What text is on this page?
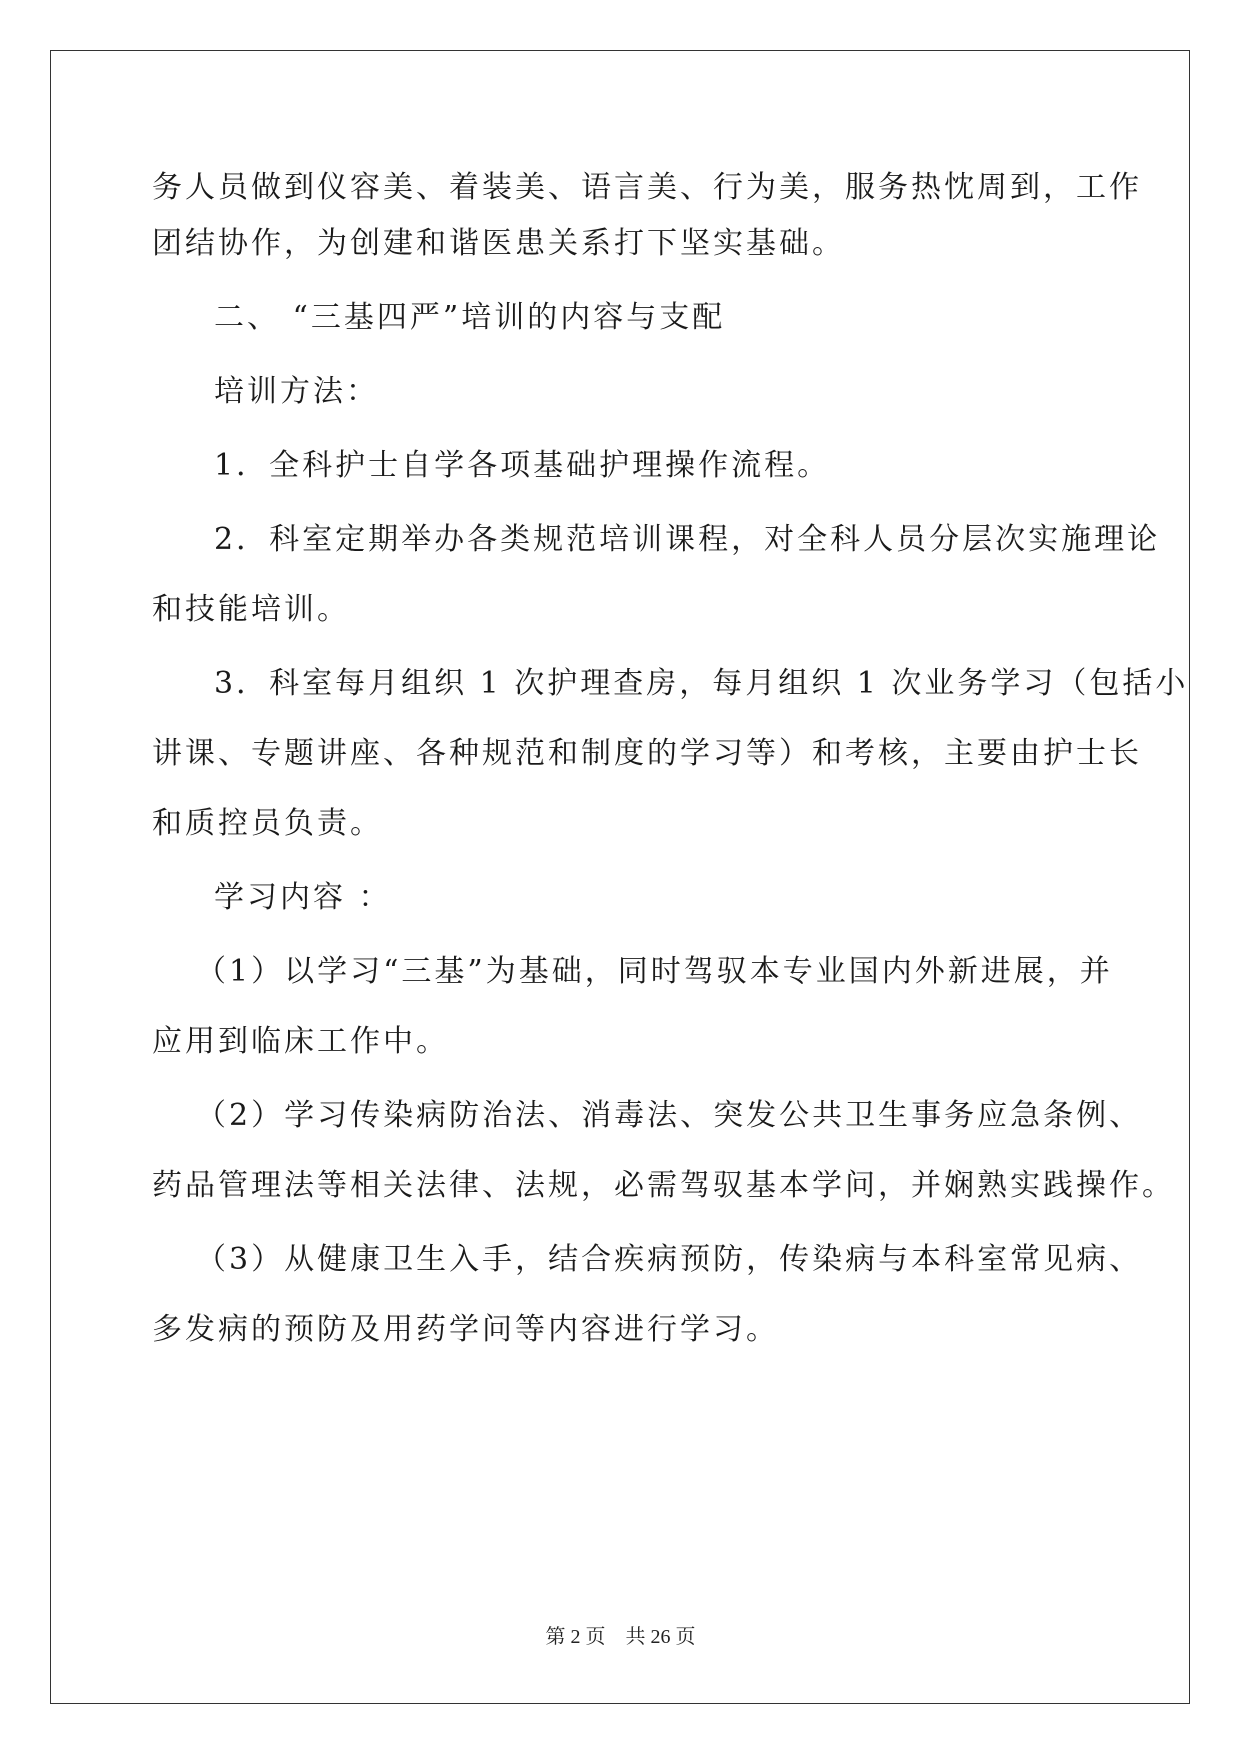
务人员做到仪容美、着装美、语言美、行为美，服务热忱周到，工作
团结协作，为创建和谐医患关系打下坚实基础。
二、 “三基四严”培训的内容与支配
培训方法：
1．全科护士自学各项基础护理操作流程。
2．科室定期举办各类规范培训课程，对全科人员分层次实施理论
和技能培训。
3．科室每月组织 1 次护理查房，每月组织 1 次业务学习（包括小
讲课、专题讲座、各种规范和制度的学习等）和考核，主要由护士长
和质控员负责。
学习内容 ：
（1）以学习“三基”为基础，同时驾驭本专业国内外新进展，并
应用到临床工作中。
（2）学习传染病防治法、消毒法、突发公共卫生事务应急条例、
药品管理法等相关法律、法规，必需驾驭基本学问，并娴熟实践操作。
（3）从健康卫生入手，结合疾病预防，传染病与本科室常见病、
多发病的预防及用药学问等内容进行学习。
第 2 页　共 26 页
